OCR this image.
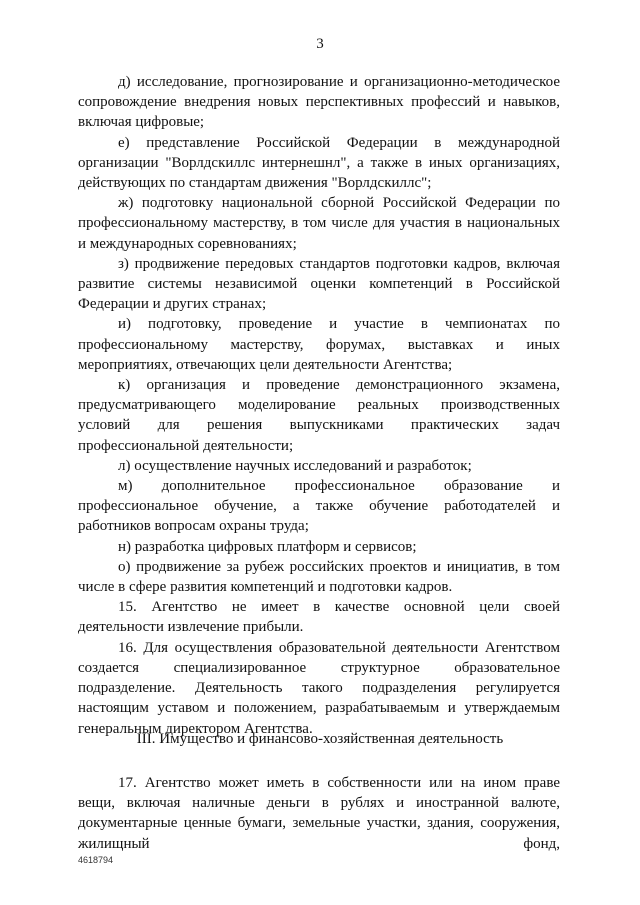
3

д) исследование, прогнозирование и организационно-методическое сопровождение внедрения новых перспективных профессий и навыков, включая цифровые;

е) представление Российской Федерации в международной организации "Ворлдскиллс интернешнл", а также в иных организациях, действующих по стандартам движения "Ворлдскиллс";

ж) подготовку национальной сборной Российской Федерации по профессиональному мастерству, в том числе для участия в национальных и международных соревнованиях;

з) продвижение передовых стандартов подготовки кадров, включая развитие системы независимой оценки компетенций в Российской Федерации и других странах;

и) подготовку, проведение и участие в чемпионатах по профессиональному мастерству, форумах, выставках и иных мероприятиях, отвечающих цели деятельности Агентства;

к) организация и проведение демонстрационного экзамена, предусматривающего моделирование реальных производственных условий для решения выпускниками практических задач профессиональной деятельности;

л) осуществление научных исследований и разработок;

м) дополнительное профессиональное образование и профессиональное обучение, а также обучение работодателей и работников вопросам охраны труда;

н) разработка цифровых платформ и сервисов;

о) продвижение за рубеж российских проектов и инициатив, в том числе в сфере развития компетенций и подготовки кадров.

15. Агентство не имеет в качестве основной цели своей деятельности извлечение прибыли.

16. Для осуществления образовательной деятельности Агентством создается специализированное структурное образовательное подразделение. Деятельность такого подразделения регулируется настоящим уставом и положением, разрабатываемым и утверждаемым генеральным директором Агентства.

III. Имущество и финансово-хозяйственная деятельность

17. Агентство может иметь в собственности или на ином праве вещи, включая наличные деньги в рублях и иностранной валюте, документарные ценные бумаги, земельные участки, здания, сооружения, жилищный фонд,

4618794
